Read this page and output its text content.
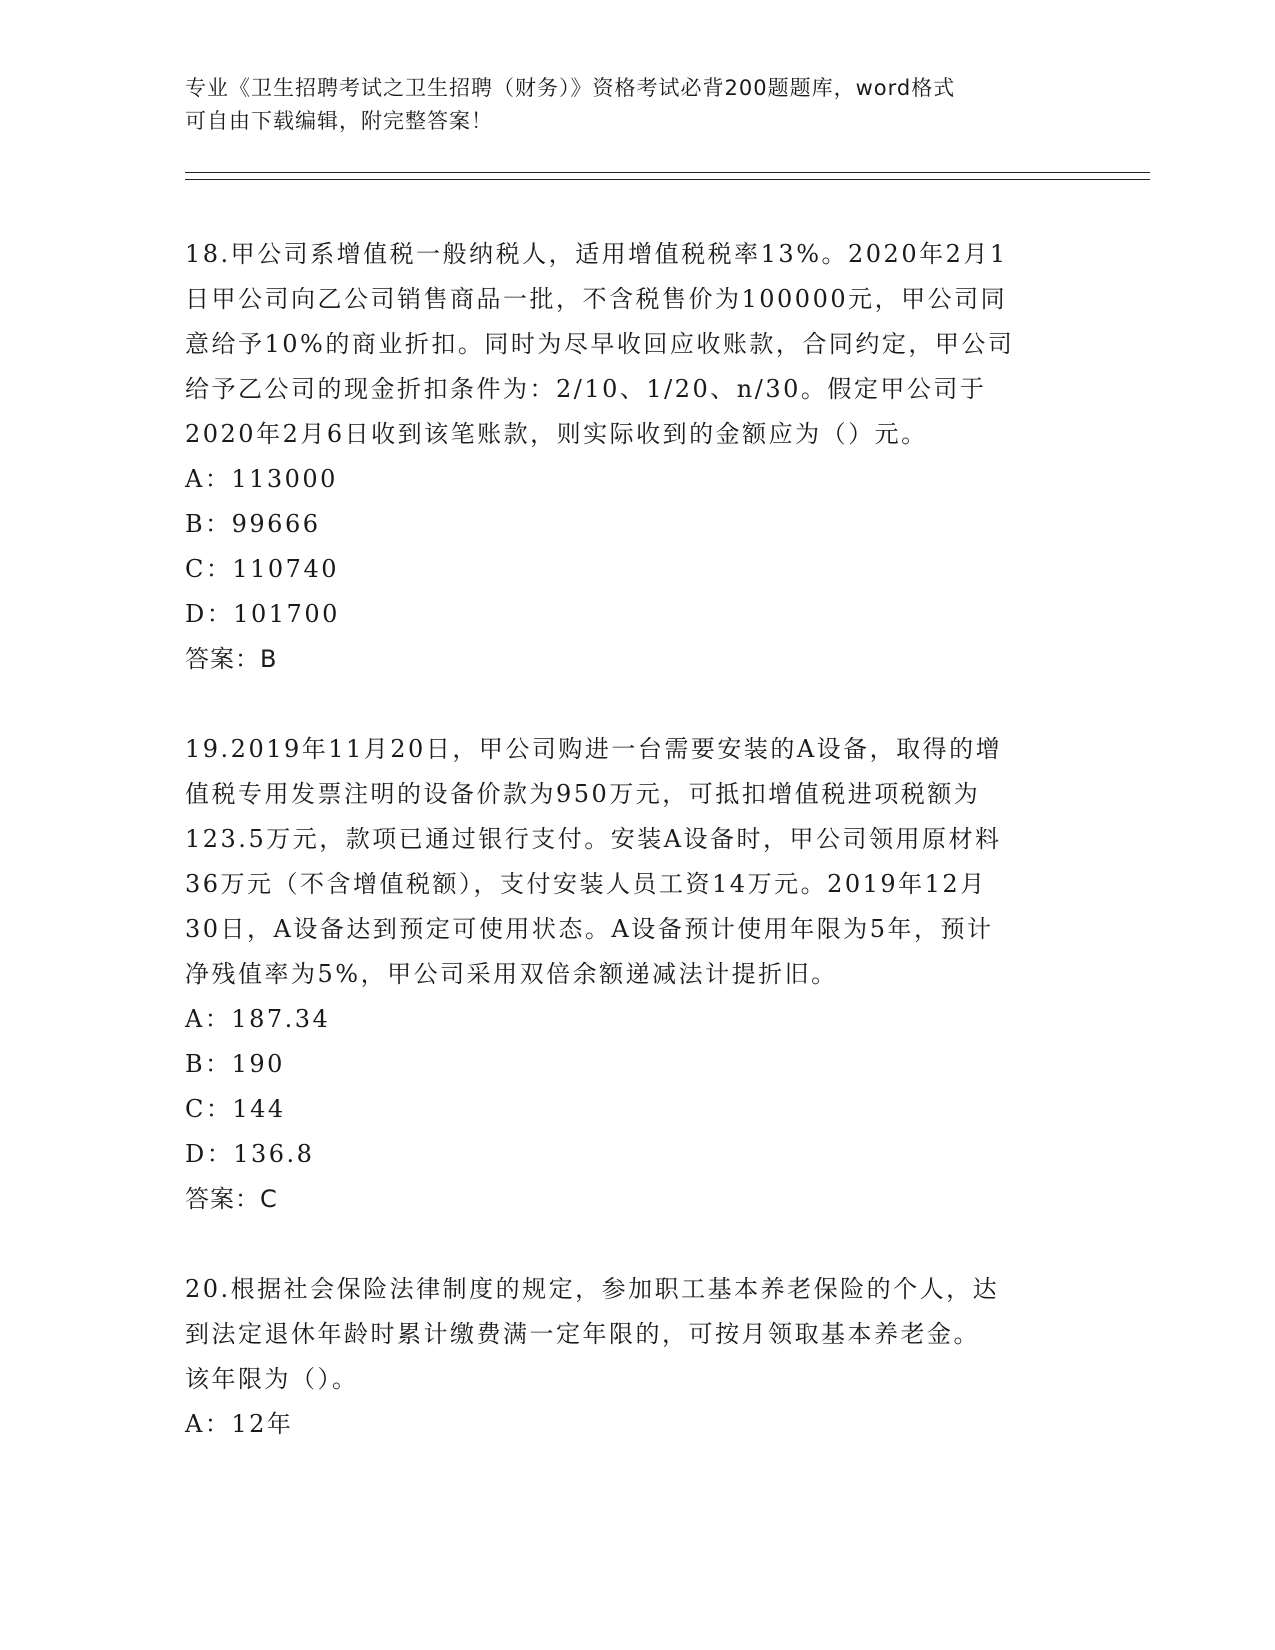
专业《卫生招聘考试之卫生招聘（财务）》资格考试必背200题题库，word格式

可自由下载编辑，附完整答案！

18.甲公司系增值税一般纳税人，适用增值税税率13%。2020年2月1

日甲公司向乙公司销售商品一批，不含税售价为100000元，甲公司同

意给予10%的商业折扣。同时为尽早收回应收账款，合同约定，甲公司

给予乙公司的现金折扣条件为：2/10、1/20、n/30。假定甲公司于

2020年2月6日收到该笔账款，则实际收到的金额应为（）元。

A：113000

B：99666

C：110740

D：101700

答案：B

19.2019年11月20日，甲公司购进一台需要安装的A设备，取得的增

值税专用发票注明的设备价款为950万元，可抵扣增值税进项税额为

123.5万元，款项已通过银行支付。安装A设备时，甲公司领用原材料

36万元（不含增值税额），支付安装人员工资14万元。2019年12月

30日，A设备达到预定可使用状态。A设备预计使用年限为5年，预计

净残值率为5%，甲公司采用双倍余额递减法计提折旧。

A：187.34

B：190

C：144

D：136.8

答案：C

20.根据社会保险法律制度的规定，参加职工基本养老保险的个人，达

到法定退休年龄时累计缴费满一定年限的，可按月领取基本养老金。

该年限为（）。

A：12年
